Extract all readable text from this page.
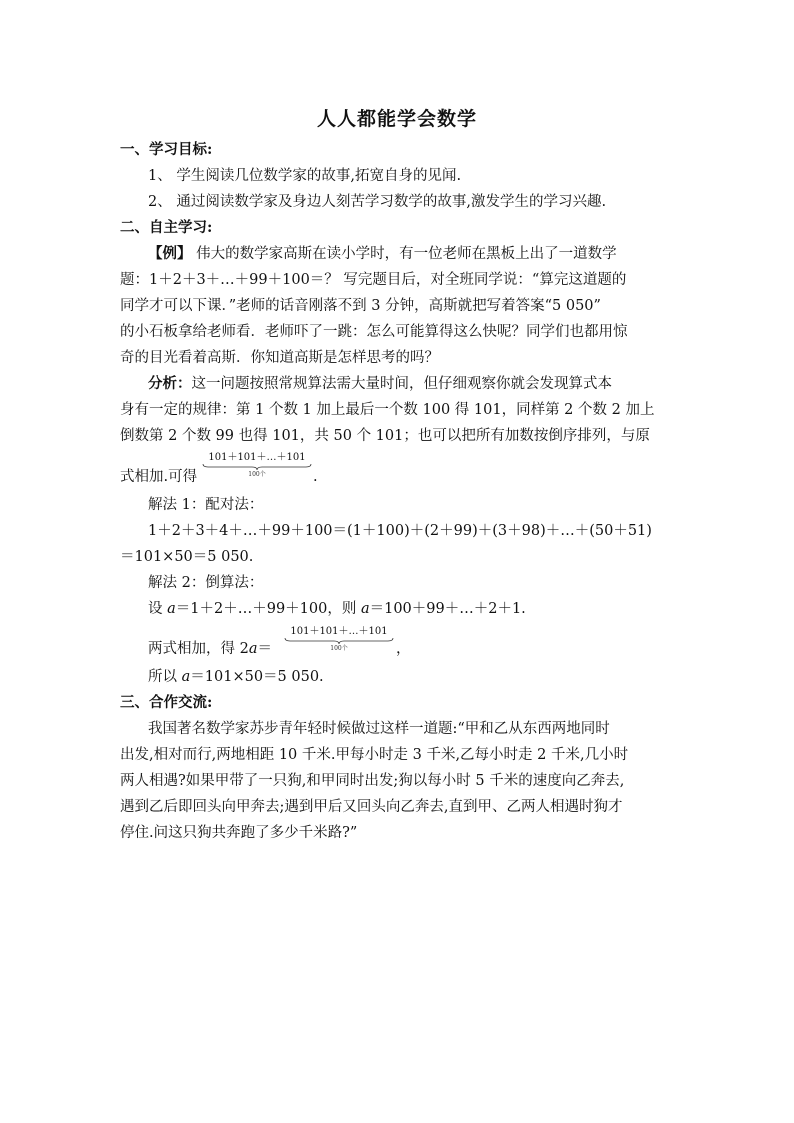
人人都能学会数学
一、学习目标:
1、 学生阅读几位数学家的故事,拓宽自身的见闻.
2、 通过阅读数学家及身边人刻苦学习数学的故事,激发学生的学习兴趣.
二、自主学习:
【例】 伟大的数学家高斯在读小学时，有一位老师在黑板上出了一道数学
题：1＋2＋3＋…＋99＋100＝？ 写完题目后，对全班同学说：“算完这道题的
同学才可以下课．”老师的话音刚落不到 3 分钟，高斯就把写着答案“5 050”
的小石板拿给老师看．老师吓了一跳：怎么可能算得这么快呢？同学们也都用惊
奇的目光看着高斯．你知道高斯是怎样思考的吗？
分析：这一问题按照常规算法需大量时间，但仔细观察你就会发现算式本
身有一定的规律：第 1 个数 1 加上最后一个数 100 得 101，同样第 2 个数 2 加上
倒数第 2 个数 99 也得 101，共 50 个 101；也可以把所有加数按倒序排列，与原
式相加.可得
101＋101＋…＋101
100个	.
解法 1：配对法：
1＋2＋3＋4＋…＋99＋100＝(1＋100)＋(2＋99)＋(3＋98)＋…＋(50＋51)
＝101×50＝5 050.
解法 2：倒算法：
设 a＝1＋2＋…＋99＋100，则 a＝100＋99＋…＋2＋1.
两式相加，得 2a＝
101＋101＋…＋101
100个	，
所以 a＝101×50＝5 050.
三、合作交流:
我国著名数学家苏步青年轻时候做过这样一道题:“甲和乙从东西两地同时
出发,相对而行,两地相距 10 千米.甲每小时走 3 千米,乙每小时走 2 千米,几小时
两人相遇?如果甲带了一只狗,和甲同时出发;狗以每小时 5 千米的速度向乙奔去,
遇到乙后即回头向甲奔去;遇到甲后又回头向乙奔去,直到甲、乙两人相遇时狗才
停住.问这只狗共奔跑了多少千米路?”
